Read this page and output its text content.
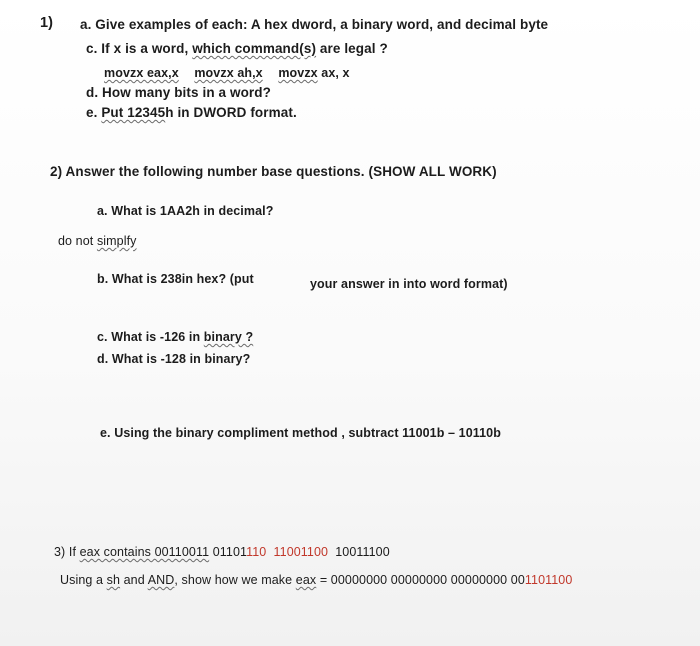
1) a. Give examples of each: A hex dword, a binary word, and decimal byte
c. If x is a word, which command(s) are legal ?
movzx eax,x movzx ah,x movzx ax, x
d. How many bits in a word?
e. Put 12345h in DWORD format.
2) Answer the following number base questions. (SHOW ALL WORK)
a. What is 1AA2h in decimal?
do not simplfy
b. What is 238in hex? (put	your answer in into word format)
c. What is -126 in binary ?
d. What is -128 in binary?
e. Using the binary compliment method , subtract 11001b – 10110b
3) If eax contains 00110011 01101110 11001100  10011100
Using a sh and AND, show how we make eax = 00000000 00000000 00000000 001101100
